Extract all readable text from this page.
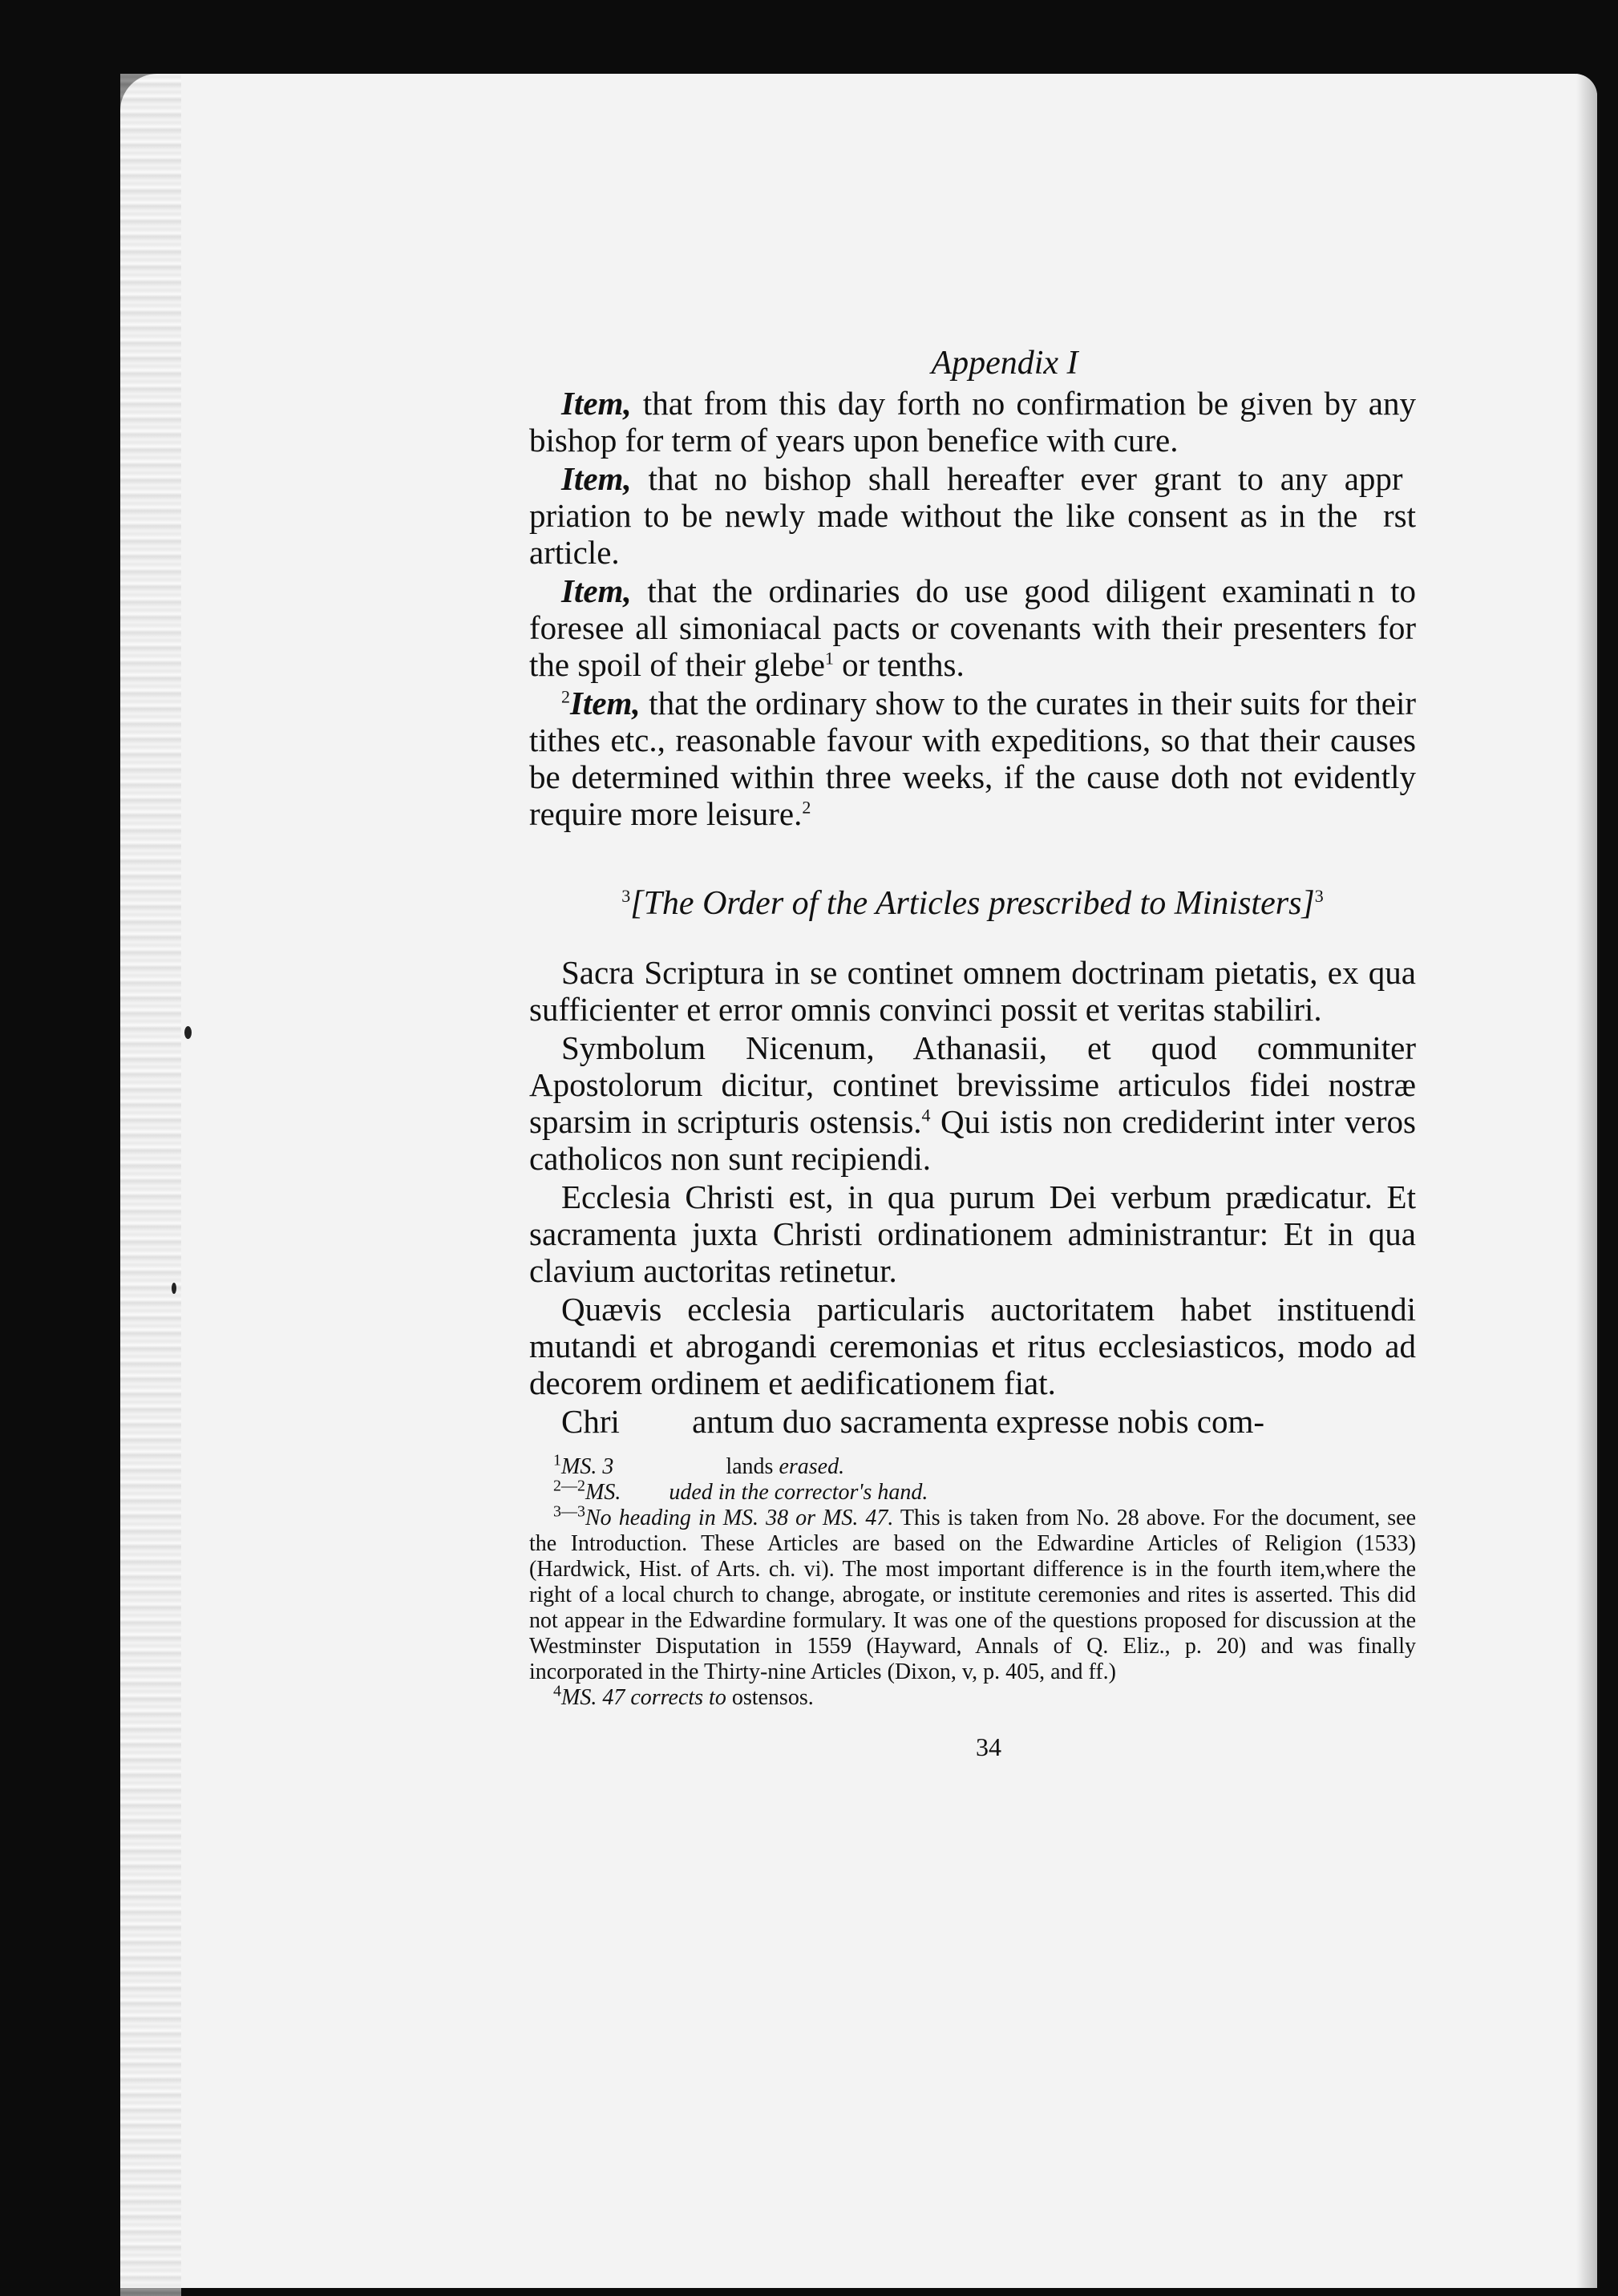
Appendix I

Item, that from this day forth no confirmation be given by any bishop for term of years upon benefice with cure.

Item, that no bishop shall hereafter ever grant to any appr  priation to be newly made without the like consent as in the   rst article.

Item, that the ordinaries do use good diligent examinati n to foresee all simoniacal pacts or covenants with their presenters for the spoil of their glebe$^1$ or tenths.

$^2$Item, that the ordinary show to the curates in their suits for their tithes etc., reasonable favour with expeditions, so that their causes be determined within three weeks, if the cause doth not evidently require more leisure.$^2$

$^3$[The Order of the Articles prescribed to Ministers]$^3$

Sacra Scriptura in se continet omnem doctrinam pietatis, ex qua sufficienter et error omnis convinci possit et veritas stabiliri.

Symbolum Nicenum, Athanasii, et quod communiter Apostolorum dicitur, continet brevissime articulos fidei nostræ sparsim in scripturis ostensis.$^4$ Qui istis non crediderint inter veros catholicos non sunt recipiendi.

Ecclesia Christi est, in qua purum Dei verbum prædicatur. Et sacramenta juxta Christi ordinationem administrantur: Et in qua clavium auctoritas retinetur.

Quævis ecclesia particularis auctoritatem habet instituendi mutandi et abrogandi ceremonias et ritus ecclesiasticos, modo ad decorem ordinem et aedificationem fiat.

Chri           antum duo sacramenta expresse nobis com-

$^1$MS. 3	lands erased.

$^{2—2}$MS. uded in the corrector's hand.

$^{3—3}$No heading in MS. 38 or MS. 47. This is taken from No. 28 above. For the document, see the Introduction. These Articles are based on the Edwardine Articles of Religion (1533) (Hardwick, Hist. of Arts. ch. vi). The most important difference is in the fourth item,where the right of a local church to change, abrogate, or institute ceremonies and rites is asserted. This did not appear in the Edwardine formulary. It was one of the questions proposed for discussion at the Westminster Disputation in 1559 (Hayward, Annals of Q. Eliz., p. 20) and was finally incorporated in the Thirty-nine Articles (Dixon, v, p. 405, and ff.)

$^4$MS. 47 corrects to ostensos.

34
